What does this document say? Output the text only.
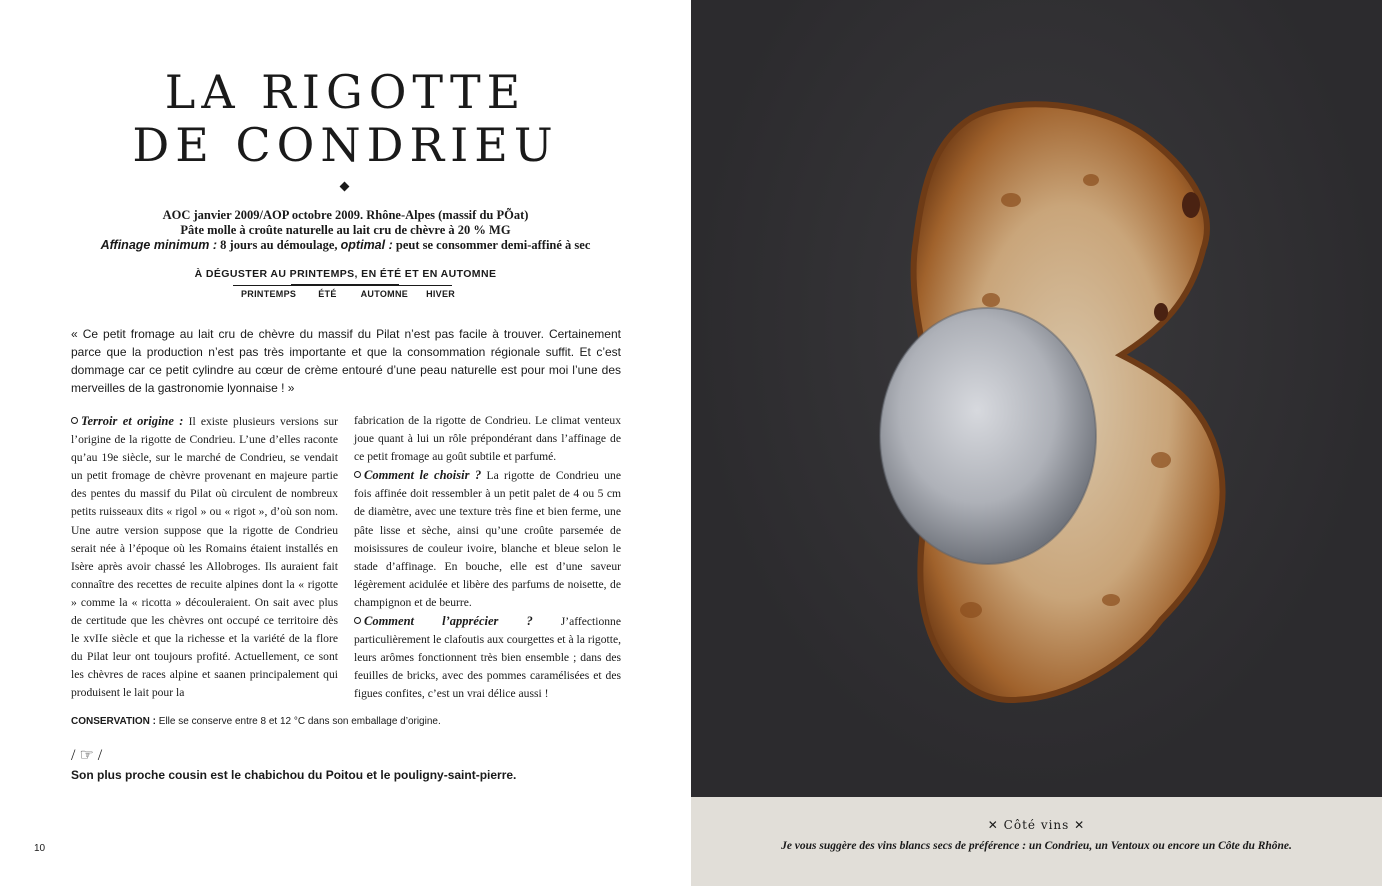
LA RIGOTTE
DE CONDRIEU
AOC janvier 2009/AOP octobre 2009. Rhône-Alpes (massif du PÕat)
Pâte molle à croûte naturelle au lait cru de chèvre à 20 % MG
Affinage minimum : 8 jours au démoulage, optimal : peut se consommer demi-affiné à sec
À DÉGUSTER AU PRINTEMPS, EN ÉTÉ ET EN AUTOMNE
PRINTEMPS ÉTÉ	AUTOMNE HIVER

« Ce petit fromage au lait cru de chèvre du massif du Pilat n’est pas facile à trouver. Certainement parce que la production n’est pas très importante et que la consommation régionale suffit. Et c’est dommage car ce petit cylindre au cœur de crème entouré d’une peau naturelle est pour moi l’une des merveilles de la gastronomie lyonnaise ! »

Terroir et origine : Il existe plusieurs versions sur l’origine de la rigotte de Condrieu. L’une d’elles raconte qu’au 19e siècle, sur le marché de Condrieu, se vendait un petit fromage de chèvre provenant en majeure partie des pentes du massif du Pilat où circulent de nombreux petits ruisseaux dits « rigol » ou « rigot », d’où son nom. Une autre version suppose que la rigotte de Condrieu serait née à l’époque où les Romains étaient installés en Isère après avoir chassé les Allobroges. Ils auraient fait connaître des recettes de recuite alpines dont la « rigotte » comme la « ricotta » découleraient. On sait avec plus de certitude que les chèvres ont occupé ce territoire dès le xvIIe siècle et que la richesse et la variété de la flore du Pilat leur ont toujours profité. Actuellement, ce sont les chèvres de races alpine et saanen principalement qui produisent le lait pour la
fabrication de la rigotte de Condrieu. Le climat venteux joue quant à lui un rôle prépondérant dans l’affinage de ce petit fromage au goût subtile et parfumé.
Comment le choisir ? La rigotte de Condrieu une fois affinée doit ressembler à un petit palet de 4 ou 5 cm de diamètre, avec une texture très fine et bien ferme, une pâte lisse et sèche, ainsi qu’une croûte parsemée de moisissures de couleur ivoire, blanche et bleue selon le stade d’affinage. En bouche, elle est d’une saveur légèrement acidulée et libère des parfums de noisette, de champignon et de beurre.
Comment l’apprécier ? J’affectionne particulièrement le clafoutis aux courgettes et à la rigotte, leurs arômes fonctionnent très bien ensemble ; dans des feuilles de bricks, avec des pommes caramélisées et des figues confites, c’est un vrai délice aussi !
CONSERVATION : Elle se conserve entre 8 et 12 °C dans son emballage d’origine.
/ ☞ /
Son plus proche cousin est le chabichou du Poitou et le pouligny-saint-pierre.
10
✕ Côté vins ✕
Je vous suggère des vins blancs secs de préférence : un Condrieu, un Ventoux ou encore un Côte du Rhône.
